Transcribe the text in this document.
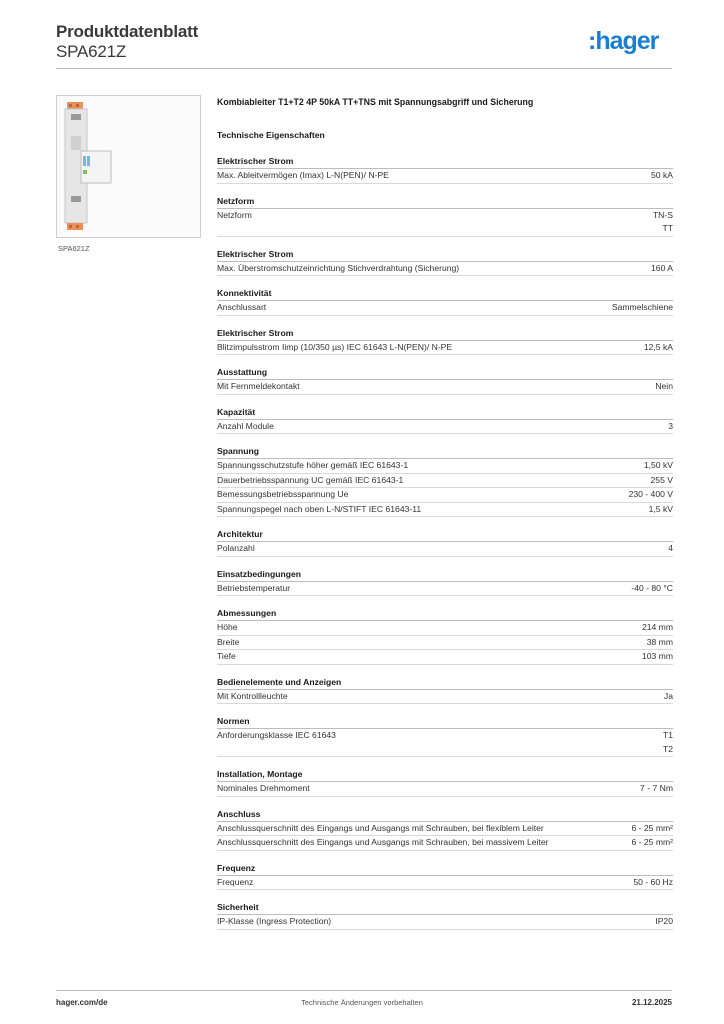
Produktdatenblatt
SPA621Z	:hager
SPA621Z
Kombiableiter T1+T2 4P 50kA TT+TNS mit Spannungsabgriff und Sicherung
Technische Eigenschaften
Elektrischer Strom
Max. Ableitvermögen (Imax) L-N(PEN)/ N-PE	50 kA
Netzform
Netzform	TN-S
TT
Elektrischer Strom
Max. Überstromschutzeinrichtung Stichverdrahtung (Sicherung)	160 A
Konnektivität
Anschlussart	Sammelschiene
Elektrischer Strom
Blitzimpulsstrom Iimp (10/350 µs) IEC 61643 L-N(PEN)/ N-PE	12,5 kA
Ausstattung
Mit Fernmeldekontakt	Nein
Kapazität
Anzahl Module	3
Spannung
Spannungsschutzstufe höher gemäß IEC 61643-1	1,50 kV
Dauerbetriebsspannung UC gemäß IEC 61643-1	255 V
Bemessungsbetriebsspannung Ue	230 - 400 V
Spannungspegel nach oben L-N/STIFT IEC 61643-11	1,5 kV
Architektur
Polanzahl	4
Einsatzbedingungen
Betriebstemperatur	-40 - 80 °C
Abmessungen
Höhe	214 mm
Breite	38 mm
Tiefe	103 mm
Bedienelemente und Anzeigen
Mit Kontrollleuchte	Ja
Normen
Anforderungsklasse IEC 61643	T1
T2
Installation, Montage
Nominales Drehmoment	7 - 7 Nm
Anschluss
Anschlussquerschnitt des Eingangs und Ausgangs mit Schrauben, bei flexiblem Leiter	6 - 25 mm²
Anschlussquerschnitt des Eingangs und Ausgangs mit Schrauben, bei massivem Leiter	6 - 25 mm²
Frequenz
Frequenz	50 - 60 Hz
Sicherheit
IP-Klasse (Ingress Protection)	IP20
hager.com/de	Technische Änderungen vorbehalten	21.12.2025
